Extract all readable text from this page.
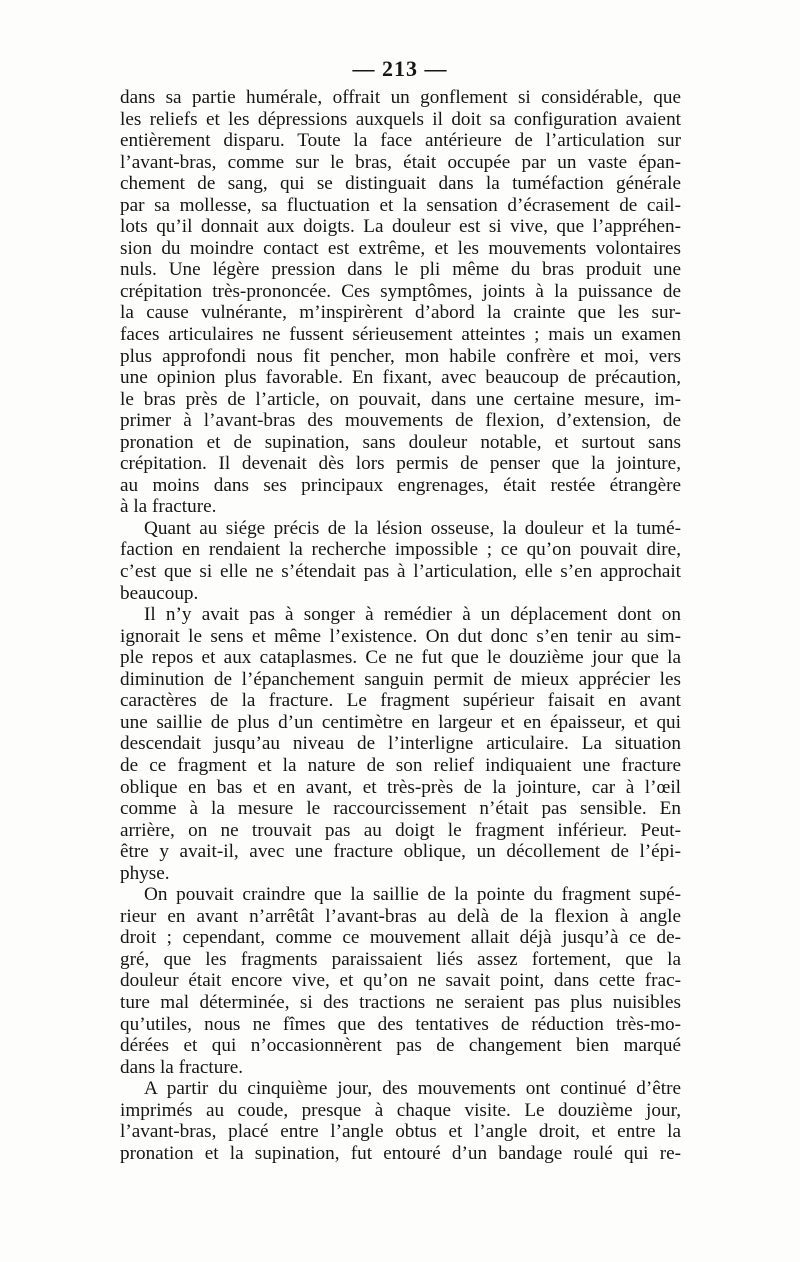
— 213 —
dans sa partie humérale, offrait un gonflement si considérable, que
les reliefs et les dépressions auxquels il doit sa configuration avaient
entièrement disparu. Toute la face antérieure de l’articulation sur
l’avant-bras, comme sur le bras, était occupée par un vaste épan-
chement de sang, qui se distinguait dans la tuméfaction générale
par sa mollesse, sa fluctuation et la sensation d’écrasement de cail-
lots qu’il donnait aux doigts. La douleur est si vive, que l’appréhen-
sion du moindre contact est extrême, et les mouvements volontaires
nuls. Une légère pression dans le pli même du bras produit une
crépitation très-prononcée. Ces symptômes, joints à la puissance de
la cause vulnérante, m’inspirèrent d’abord la crainte que les sur-
faces articulaires ne fussent sérieusement atteintes ; mais un examen
plus approfondi nous fit pencher, mon habile confrère et moi, vers
une opinion plus favorable. En fixant, avec beaucoup de précaution,
le bras près de l’article, on pouvait, dans une certaine mesure, im-
primer à l’avant-bras des mouvements de flexion, d’extension, de
pronation et de supination, sans douleur notable, et surtout sans
crépitation. Il devenait dès lors permis de penser que la jointure,
au moins dans ses principaux engrenages, était restée étrangère
à la fracture.
Quant au siége précis de la lésion osseuse, la douleur et la tumé-
faction en rendaient la recherche impossible ; ce qu’on pouvait dire,
c’est que si elle ne s’étendait pas à l’articulation, elle s’en approchait
beaucoup.
Il n’y avait pas à songer à remédier à un déplacement dont on
ignorait le sens et même l’existence. On dut donc s’en tenir au sim-
ple repos et aux cataplasmes. Ce ne fut que le douzième jour que la
diminution de l’épanchement sanguin permit de mieux apprécier les
caractères de la fracture. Le fragment supérieur faisait en avant
une saillie de plus d’un centimètre en largeur et en épaisseur, et qui
descendait jusqu’au niveau de l’interligne articulaire. La situation
de ce fragment et la nature de son relief indiquaient une fracture
oblique en bas et en avant, et très-près de la jointure, car à l’œil
comme à la mesure le raccourcissement n’était pas sensible. En
arrière, on ne trouvait pas au doigt le fragment inférieur. Peut-
être y avait-il, avec une fracture oblique, un décollement de l’épi-
physe.
On pouvait craindre que la saillie de la pointe du fragment supé-
rieur en avant n’arrêtât l’avant-bras au delà de la flexion à angle
droit ; cependant, comme ce mouvement allait déjà jusqu’à ce de-
gré, que les fragments paraissaient liés assez fortement, que la
douleur était encore vive, et qu’on ne savait point, dans cette frac-
ture mal déterminée, si des tractions ne seraient pas plus nuisibles
qu’utiles, nous ne fîmes que des tentatives de réduction très-mo-
dérées et qui n’occasionnèrent pas de changement bien marqué
dans la fracture.
A partir du cinquième jour, des mouvements ont continué d’être
imprimés au coude, presque à chaque visite. Le douzième jour,
l’avant-bras, placé entre l’angle obtus et l’angle droit, et entre la
pronation et la supination, fut entouré d’un bandage roulé qui re-
